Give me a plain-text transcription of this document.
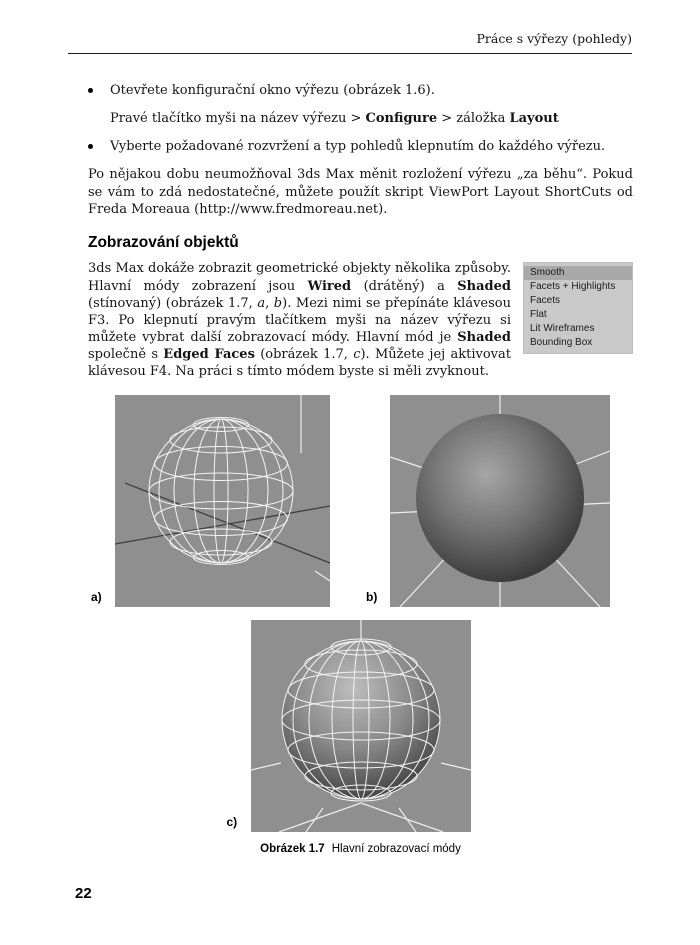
Práce s výřezy (pohledy)
Otevřete konfigurační okno výřezu (obrázek 1.6).
Pravé tlačítko myši na název výřezu > Configure > záložka Layout
Vyberte požadované rozvržení a typ pohledů klepnutím do každého výřezu.

Po nějakou dobu neumožňoval 3ds Max měnit rozložení výřezu „za běhu“. Pokud se vám to zdá nedostatečné, můžete použít skript ViewPort Layout ShortCuts od Freda Moreaua (http://www.fredmoreau.net).

Zobrazování objektů
Smooth
Facets + Highlights
Facets
Flat
Lit Wireframes
Bounding Box

3ds Max dokáže zobrazit geometrické objekty několika způsoby. Hlavní módy zobrazení jsou Wired (drátěný) a Shaded (stínovaný) (obrázek 1.7, a, b). Mezi nimi se přepínáte klávesou F3. Po klepnutí pravým tlačítkem myši na název výřezu si můžete vybrat další zobrazovací módy. Hlavní mód je Shaded společně s Edged Faces (obrázek 1.7, c). Můžete jej aktivovat klávesou F4. Na práci s tímto módem byste si měli zvyknout.

a)	b)
c)
Obrázek 1.7 Hlavní zobrazovací módy
22
